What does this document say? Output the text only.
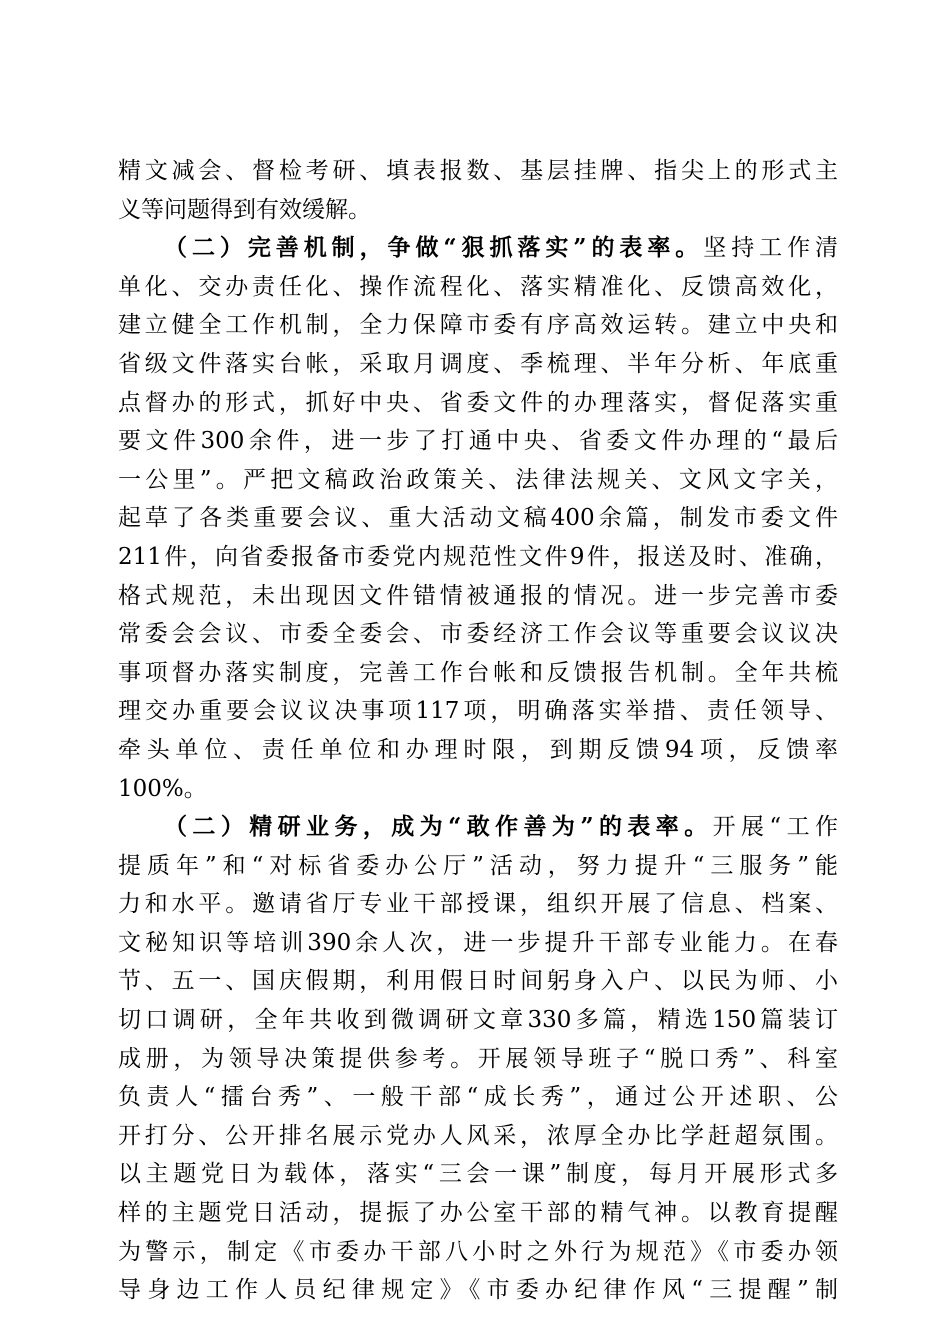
精文减会、督检考研、填表报数、基层挂牌、指尖上的形式主
义等问题得到有效缓解。
（二）完善机制，争做“狠抓落实”的表率。坚持工作清
单化、交办责任化、操作流程化、落实精准化、反馈高效化，
建立健全工作机制，全力保障市委有序高效运转。建立中央和
省级文件落实台帐，采取月调度、季梳理、半年分析、年底重
点督办的形式，抓好中央、省委文件的办理落实，督促落实重
要文件300余件，进一步了打通中央、省委文件办理的“最后
一公里”。严把文稿政治政策关、法律法规关、文风文字关，
起草了各类重要会议、重大活动文稿400余篇，制发市委文件
211件，向省委报备市委党内规范性文件9件，报送及时、准确，
格式规范，未出现因文件错情被通报的情况。进一步完善市委
常委会会议、市委全委会、市委经济工作会议等重要会议议决
事项督办落实制度，完善工作台帐和反馈报告机制。全年共梳
理交办重要会议议决事项117项，明确落实举措、责任领导、
牵头单位、责任单位和办理时限，到期反馈94项，反馈率
100%。
（二）精研业务，成为“敢作善为”的表率。开展“工作
提质年”和“对标省委办公厅”活动，努力提升“三服务”能
力和水平。邀请省厅专业干部授课，组织开展了信息、档案、
文秘知识等培训390余人次，进一步提升干部专业能力。在春
节、五一、国庆假期，利用假日时间躬身入户、以民为师、小
切口调研，全年共收到微调研文章330多篇，精选150篇装订
成册，为领导决策提供参考。开展领导班子“脱口秀”、科室
负责人“擂台秀”、一般干部“成长秀”，通过公开述职、公
开打分、公开排名展示党办人风采，浓厚全办比学赶超氛围。
以主题党日为载体，落实“三会一课”制度，每月开展形式多
样的主题党日活动，提振了办公室干部的精气神。以教育提醒
为警示，制定《市委办干部八小时之外行为规范》《市委办领
导身边工作人员纪律规定》《市委办纪律作风“三提醒”制
